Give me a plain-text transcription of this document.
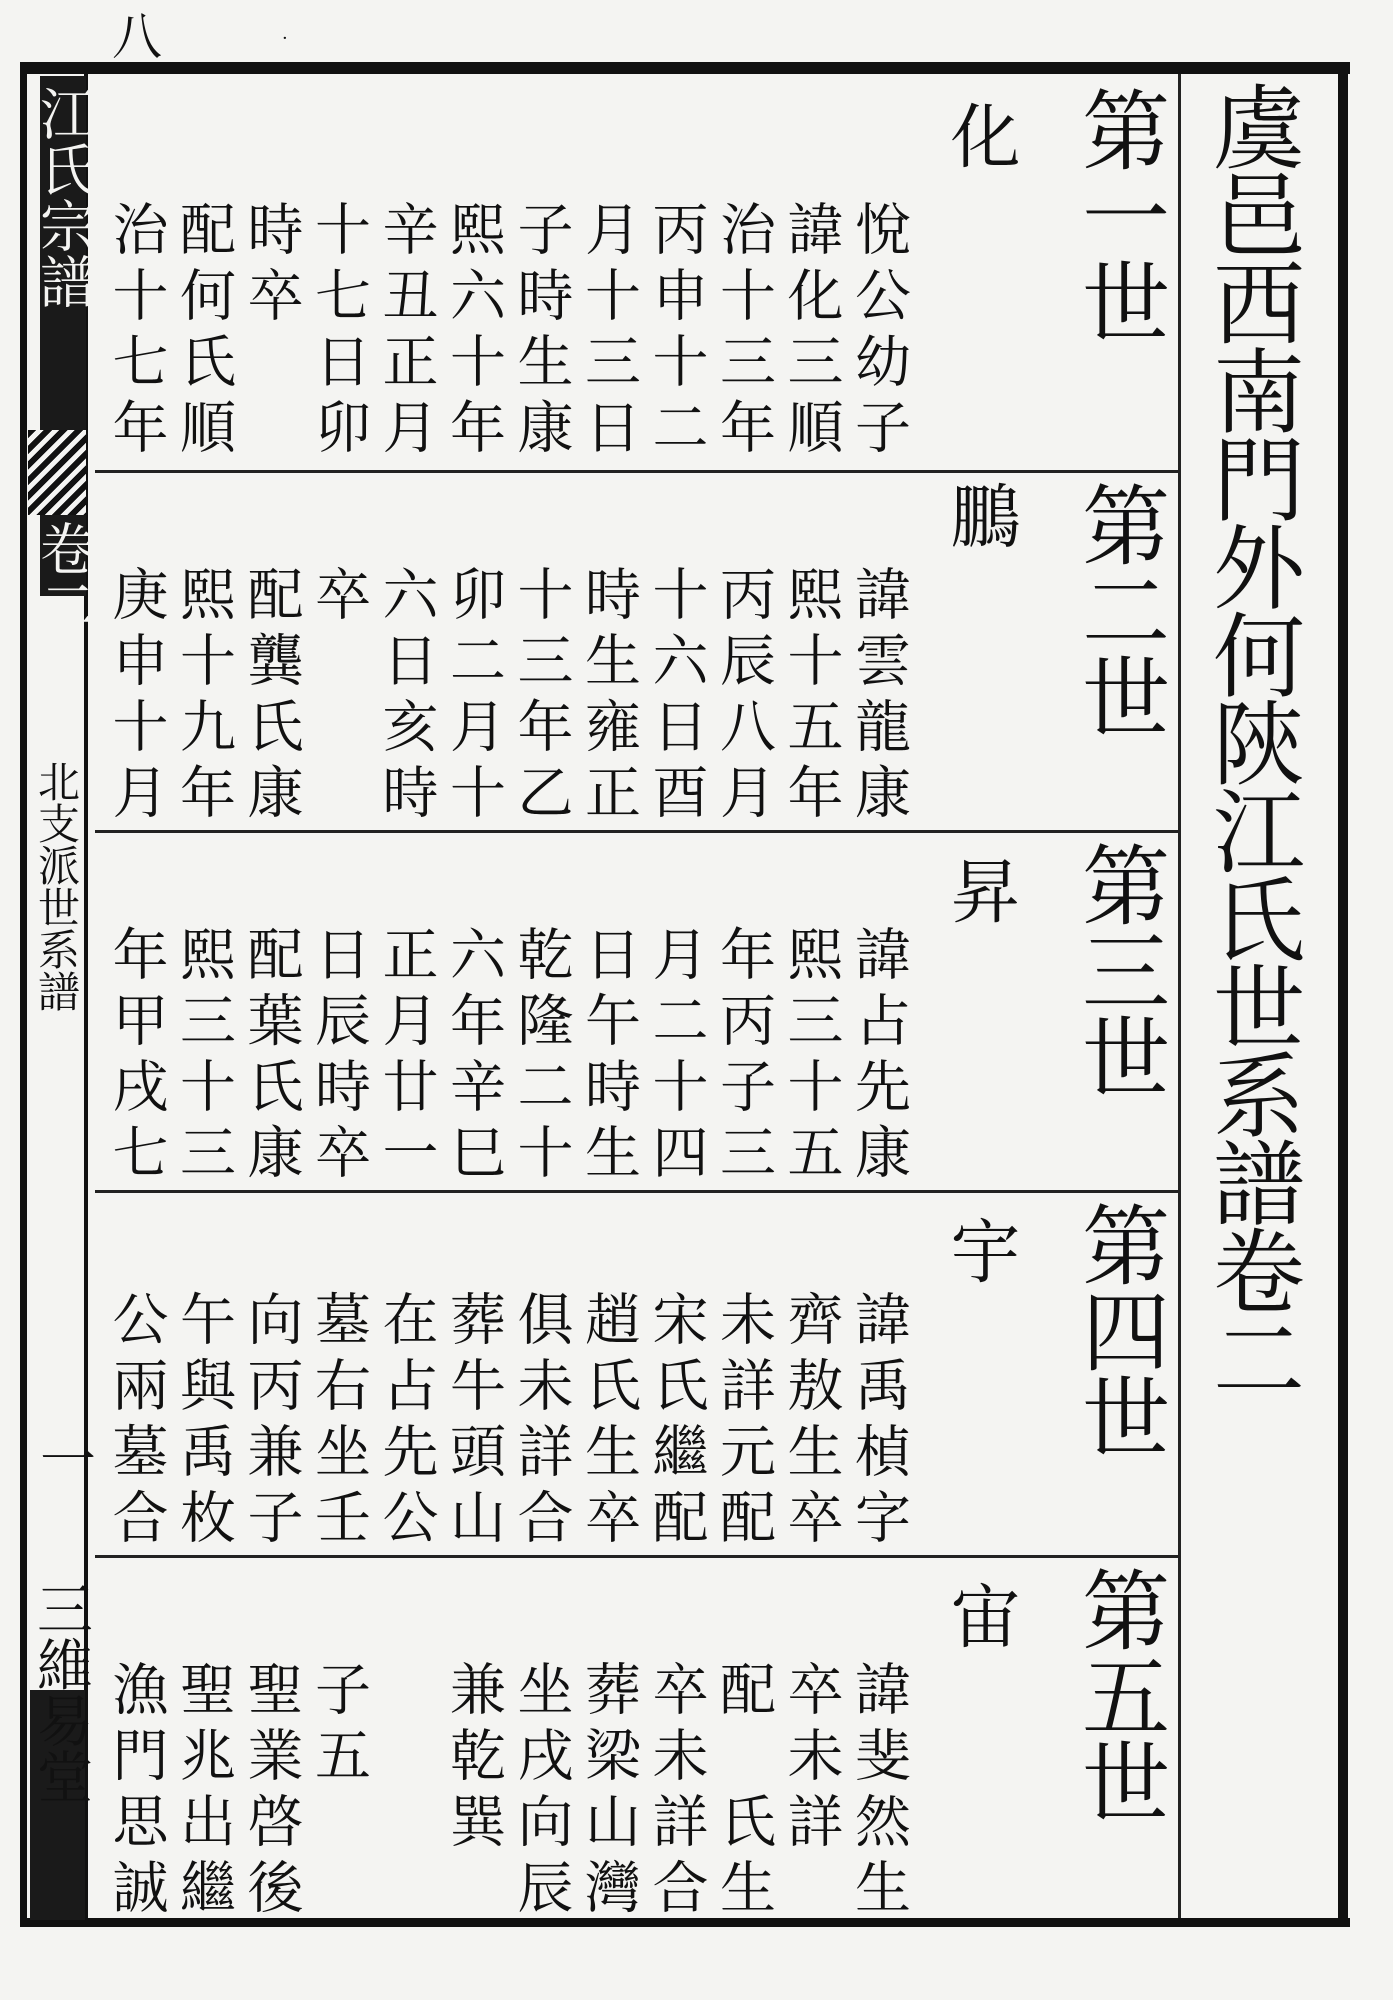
八	·
虞邑西南門外何陝江氏世系譜卷二
江氏宗譜
卷二
北支派世系譜
一
三維易堂
第一世
第二世
第三世
第四世
第五世
化
鵬
昇
宇
宙
悅公幼子
諱化三順
治十三年
丙申十二
月十三日
子時生康
熙六十年
辛丑正月
十七日卯
時卒
配何氏順
治十七年
諱雲龍康
熙十五年
丙辰八月
十六日酉
時生雍正
十三年乙
卯二月十
六日亥時
卒
配龔氏康
熙十九年
庚申十月
諱占先康
熙三十五
年丙子三
月二十四
日午時生
乾隆二十
六年辛巳
正月廿一
日辰時卒
配葉氏康
熙三十三
年甲戌七
諱禹楨字
齊敖生卒
未詳元配
宋氏繼配
趙氏生卒
俱未詳合
葬牛頭山
在占先公
墓右坐壬
向丙兼子
午與禹枚
公兩墓合
諱斐然生
卒未詳
配　氏生
卒未詳合
葬梁山灣
坐戌向辰
兼乾巽
子五
聖業啓後
聖兆出繼
漁門思誠
